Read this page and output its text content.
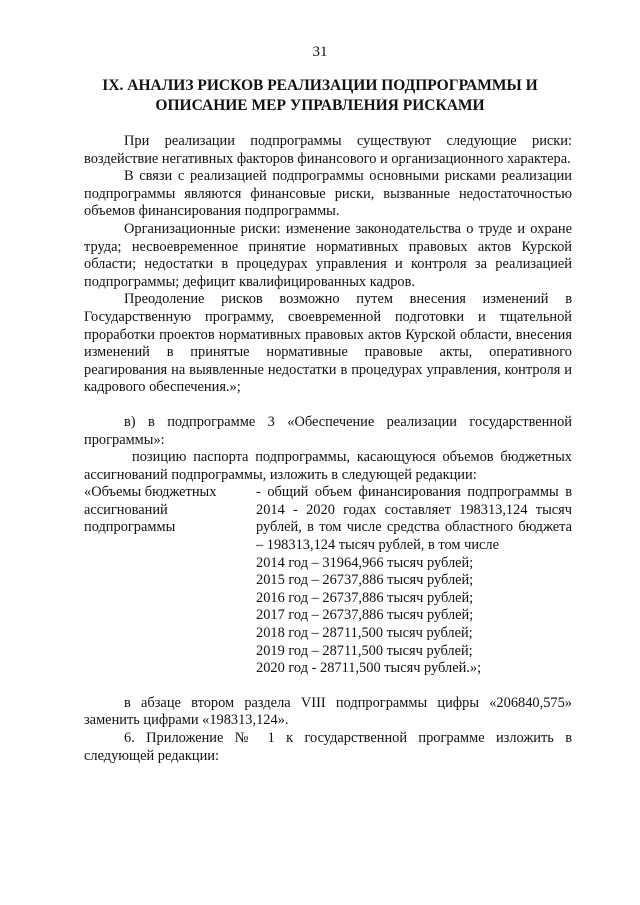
31
IX. АНАЛИЗ РИСКОВ РЕАЛИЗАЦИИ ПОДПРОГРАММЫ И
ОПИСАНИЕ МЕР УПРАВЛЕНИЯ РИСКАМИ

При реализации подпрограммы существуют следующие риски: воздействие негативных факторов финансового и организационного характера.

В связи с реализацией подпрограммы основными рисками реализации подпрограммы являются финансовые риски, вызванные недостаточностью объемов финансирования подпрограммы.

Организационные риски: изменение законодательства о труде и охране труда; несвоевременное принятие нормативных правовых актов Курской области; недостатки в процедурах управления и контроля за реализацией подпрограммы; дефицит квалифицированных кадров.

Преодоление рисков возможно путем внесения изменений в Государственную программу, своевременной подготовки и тщательной проработки проектов нормативных правовых актов Курской области, внесения изменений в принятые нормативные правовые акты, оперативного реагирования на выявленные недостатки в процедурах управления, контроля и кадрового обеспечения.»;

в) в подпрограмме 3 «Обеспечение реализации государственной программы»:

позицию паспорта подпрограммы, касающуюся объемов бюджетных ассигнований подпрограммы, изложить в следующей редакции:

«Объемы бюджетных
ассигнований
подпрограммы
- общий объем финансирования подпрограммы в 2014 - 2020 годах составляет 198313,124 тысяч рублей, в том числе средства областного бюджета – 198313,124 тысяч рублей, в том числе
2014 год – 31964,966 тысяч рублей;
2015 год – 26737,886 тысяч рублей;
2016 год – 26737,886 тысяч рублей;
2017 год – 26737,886 тысяч рублей;
2018 год – 28711,500 тысяч рублей;
2019 год – 28711,500 тысяч рублей;
2020 год - 28711,500 тысяч рублей.»;

в абзаце втором раздела VIII подпрограммы цифры «206840,575» заменить цифрами «198313,124».

6. Приложение № 1 к государственной программе изложить в следующей редакции:
